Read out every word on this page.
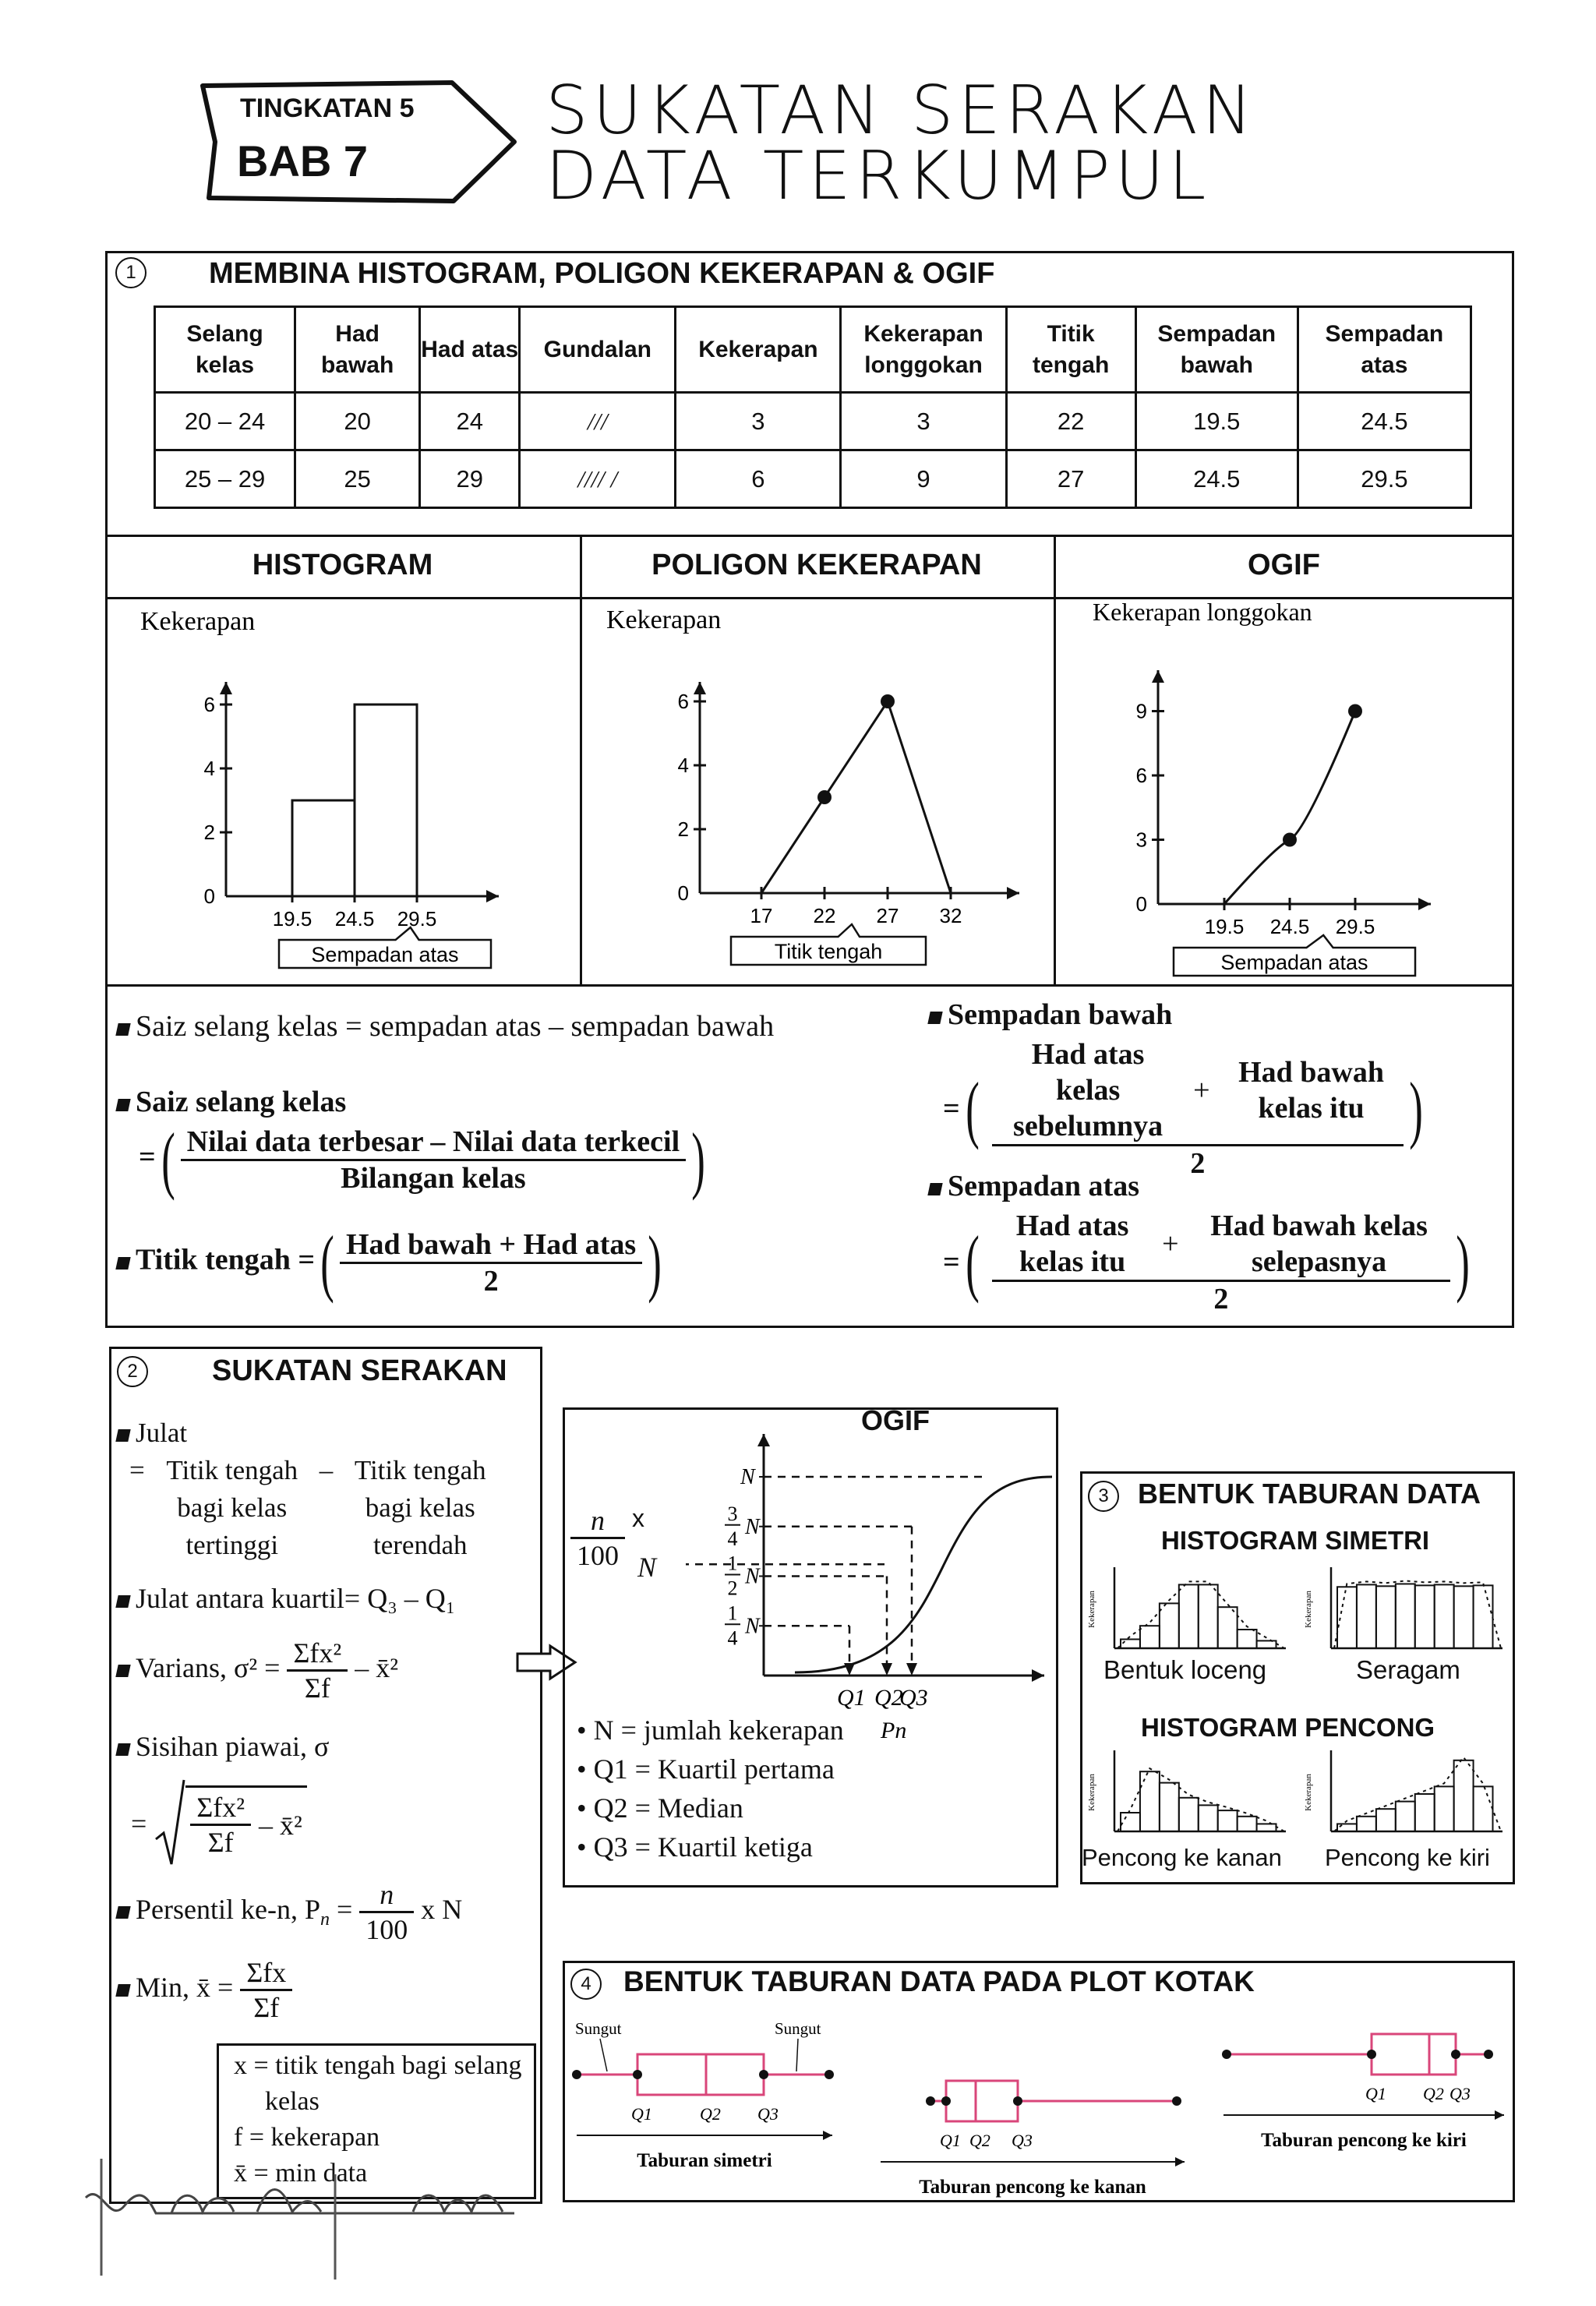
TINGKATAN 5
BAB 7
SUKATAN SERAKAN
DATA TERKUMPUL
1	MEMBINA HISTOGRAM, POLIGON KEKERAPAN & OGIF
Selang kelas	Had bawah	Had atas	Gundalan	Kekerapan	Kekerapan longgokan	Titik tengah	Sempadan bawah	Sempadan atas
20 – 24	20	24	///	3	3	22	19.5	24.5
25 – 29	25	29	//// /	6	9	27	24.5	29.5
HISTOGRAM	POLIGON KEKERAPAN	OGIF
Kekerapan
0
2
4
6
19.5 24.5 29.5
Sempadan atas
Kekerapan
0
2
4
6
17 22 27 32
Titik tengah
Kekerapan longgokan
0
3
6
9
19.5 24.5 29.5
Sempadan atas
Saiz selang kelas = sempadan atas – sempadan bawah
Saiz selang kelas
=( $\frac{\text{Nilai data terbesar – Nilai data terkecil}}{\text{Bilangan kelas}}$ )
Titik tengah =( $\frac{\text{Had bawah + Had atas}}{2}$ )
Sempadan bawah
=( Had atas kelas sebelumnya
+
Had bawah kelas itu
2 )
Sempadan atas
=( Had atas kelas itu
+
Had bawah kelas selepasnya
2 )
2	SUKATAN SERAKAN
Julat
= Titik tengah bagi kelas tertinggi
– Titik tengah bagi kelas terendah
Julat antara kuartil= Q₃ – Q₁
Varians, $\sigma^2 = \frac{\text{Σfx²}}{\Sigma f}$ – x̄²
Sisihan piawai, σ
= $\frac{\text{Σfx²}}{\Sigma f}$ – x̄²
Persentil ke-n, $P_n = \frac{n}{100}$ x N
Min, x̄ = $\frac{\text{Σfx}}{\Sigma f}$
x = titik tengah bagi selang kelas
f = kekerapan
x̄ = min data
OGIF
$\frac{n}{100}$ x
N
N
3
4 N
1
2 N
1
4 N
Q1 Q2
Q3
Pn
• N = jumlah kekerapan
• Q1 = Kuartil pertama
• Q2 = Median
• Q3 = Kuartil ketiga
3	BENTUK TABURAN DATA
HISTOGRAM SIMETRI
Kekerapan	Kekerapan
Bentuk loceng	Seragam
HISTOGRAM PENCONG
Kekerapan	Kekerapan
Pencong ke kanan Pencong ke kiri
4	BENTUK TABURAN DATA PADA PLOT KOTAK
Q1	Q2 Q3
Taburan simetri
Sungut	Sungut
Q1 Q2 Q3
Taburan pencong ke kanan
Q1 Q2 Q3
Taburan pencong ke kiri
